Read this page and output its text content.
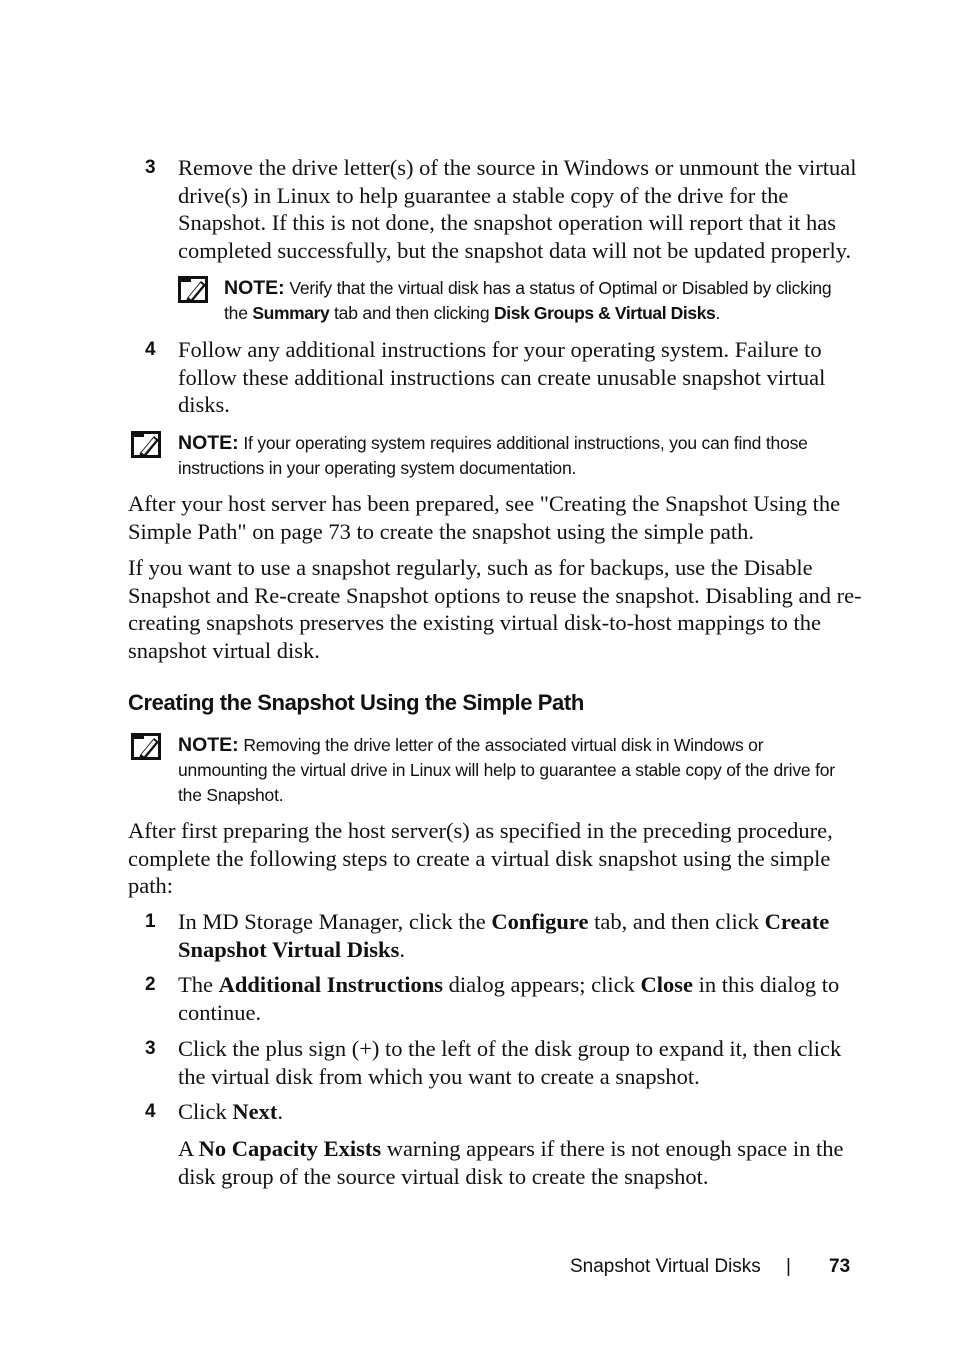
3 Remove the drive letter(s) of the source in Windows or unmount the virtual drive(s) in Linux to help guarantee a stable copy of the drive for the Snapshot. If this is not done, the snapshot operation will report that it has completed successfully, but the snapshot data will not be updated properly.
NOTE: Verify that the virtual disk has a status of Optimal or Disabled by clicking the Summary tab and then clicking Disk Groups & Virtual Disks.
4 Follow any additional instructions for your operating system. Failure to follow these additional instructions can create unusable snapshot virtual disks.
NOTE: If your operating system requires additional instructions, you can find those instructions in your operating system documentation.
After your host server has been prepared, see "Creating the Snapshot Using the Simple Path" on page 73 to create the snapshot using the simple path.
If you want to use a snapshot regularly, such as for backups, use the Disable Snapshot and Re-create Snapshot options to reuse the snapshot. Disabling and re-creating snapshots preserves the existing virtual disk-to-host mappings to the snapshot virtual disk.
Creating the Snapshot Using the Simple Path
NOTE: Removing the drive letter of the associated virtual disk in Windows or unmounting the virtual drive in Linux will help to guarantee a stable copy of the drive for the Snapshot.
After first preparing the host server(s) as specified in the preceding procedure, complete the following steps to create a virtual disk snapshot using the simple path:
1 In MD Storage Manager, click the Configure tab, and then click Create Snapshot Virtual Disks.
2 The Additional Instructions dialog appears; click Close in this dialog to continue.
3 Click the plus sign (+) to the left of the disk group to expand it, then click the virtual disk from which you want to create a snapshot.
4 Click Next.
A No Capacity Exists warning appears if there is not enough space in the disk group of the source virtual disk to create the snapshot.
Snapshot Virtual Disks | 73
